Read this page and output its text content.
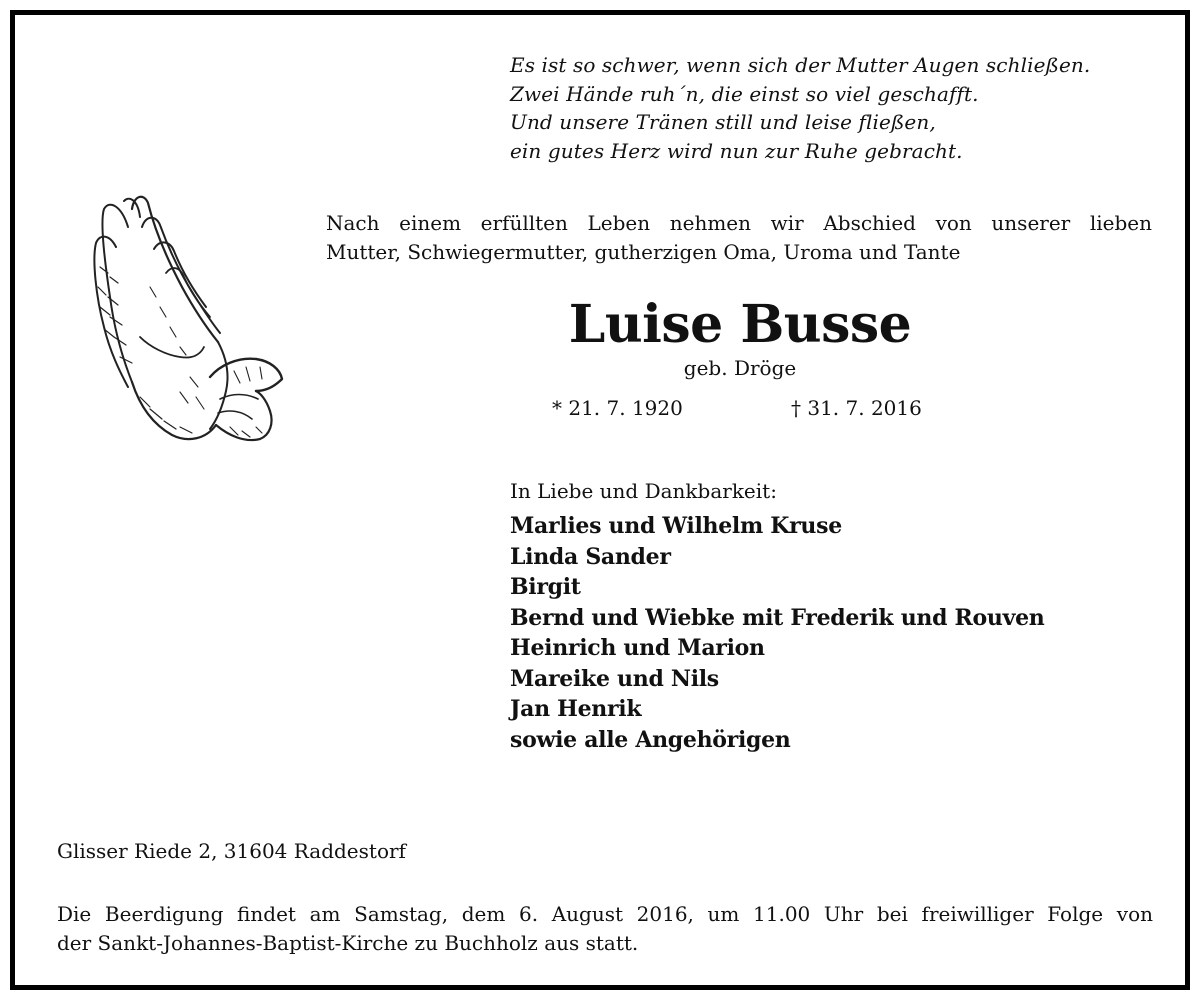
Es ist so schwer, wenn sich der Mutter Augen schließen.
Zwei Hände ruh´n, die einst so viel geschafft.
Und unsere Tränen still und leise fließen,
ein gutes Herz wird nun zur Ruhe gebracht.
Nach einem erfüllten Leben nehmen wir Abschied von unserer lieben
Mutter, Schwiegermutter, gutherzigen Oma, Uroma und Tante
Luise Busse
geb. Dröge
* 21. 7. 1920	† 31. 7. 2016
In Liebe und Dankbarkeit:
Marlies und Wilhelm Kruse
Linda Sander
Birgit
Bernd und Wiebke mit Frederik und Rouven
Heinrich und Marion
Mareike und Nils
Jan Henrik
sowie alle Angehörigen
Glisser Riede 2, 31604 Raddestorf
Die Beerdigung findet am Samstag, dem 6. August 2016, um 11.00 Uhr bei freiwilliger Folge von
der Sankt-Johannes-Baptist-Kirche zu Buchholz aus statt.
